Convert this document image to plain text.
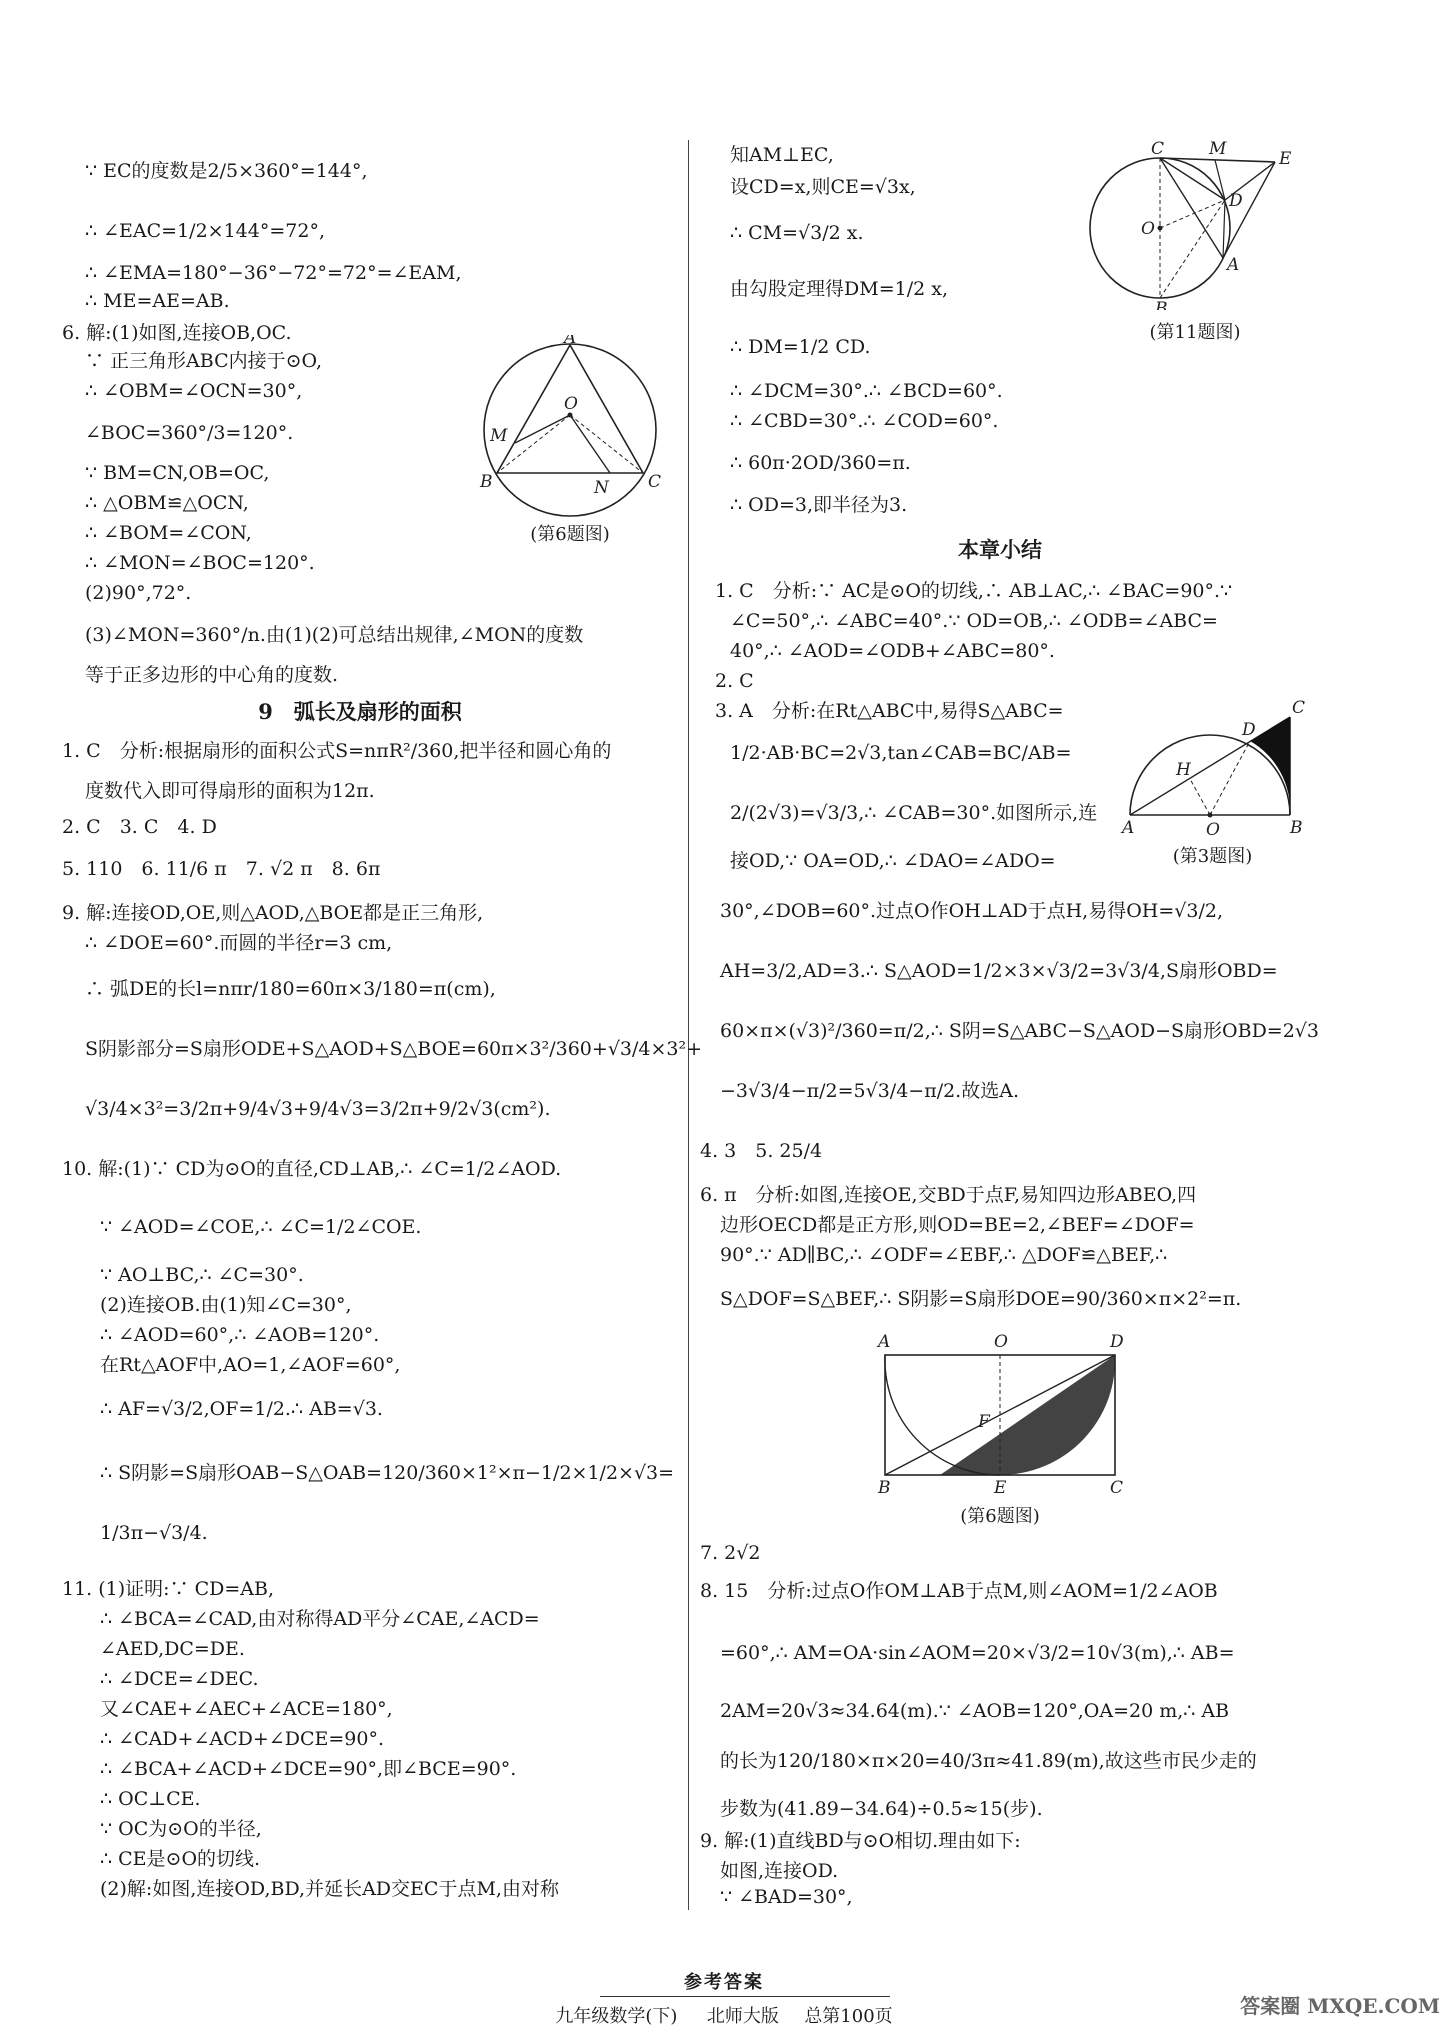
∵ EC的度数是2/5×360°=144°,
∴ ∠EAC=1/2×144°=72°,
∴ ∠EMA=180°−36°−72°=72°=∠EAM,
∴ ME=AE=AB.
6. 解:(1)如图,连接OB,OC.
∵ 正三角形ABC内接于⊙O,
∴ ∠OBM=∠OCN=30°,
∠BOC=360°/3=120°.
∵ BM=CN,OB=OC,
∴ △OBM≌△OCN,
∴ ∠BOM=∠CON,
∴ ∠MON=∠BOC=120°.
(2)90°,72°.
(3)∠MON=360°/n.由(1)(2)可总结出规律,∠MON的度数
等于正多边形的中心角的度数.
9　弧长及扇形的面积
1. C　分析:根据扇形的面积公式S=nπR²/360,把半径和圆心角的
度数代入即可得扇形的面积为12π.
2. C　3. C　4. D
5. 110　6. 11/6 π　7. √2 π　8. 6π
9. 解:连接OD,OE,则△AOD,△BOE都是正三角形,
∴ ∠DOE=60°.而圆的半径r=3 cm,
∴ 弧DE的长l=nπr/180=60π×3/180=π(cm),
S阴影部分=S扇形ODE+S△AOD+S△BOE=60π×3²/360+√3/4×3²+
√3/4×3²=3/2π+9/4√3+9/4√3=3/2π+9/2√3(cm²).
10. 解:(1)∵ CD为⊙O的直径,CD⊥AB,∴ ∠C=1/2∠AOD.
∵ ∠AOD=∠COE,∴ ∠C=1/2∠COE.
∵ AO⊥BC,∴ ∠C=30°.
(2)连接OB.由(1)知∠C=30°,
∴ ∠AOD=60°,∴ ∠AOB=120°.
在Rt△AOF中,AO=1,∠AOF=60°,
∴ AF=√3/2,OF=1/2.∴ AB=√3.
∴ S阴影=S扇形OAB−S△OAB=120/360×1²×π−1/2×1/2×√3=
1/3π−√3/4.
11. (1)证明:∵ CD=AB,
∴ ∠BCA=∠CAD,由对称得AD平分∠CAE,∠ACD=
∠AED,DC=DE.
∴ ∠DCE=∠DEC.
又∠CAE+∠AEC+∠ACE=180°,
∴ ∠CAD+∠ACD+∠DCE=90°.
∴ ∠BCA+∠ACD+∠DCE=90°,即∠BCE=90°.
∴ OC⊥CE.
∵ OC为⊙O的半径,
∴ CE是⊙O的切线.
(2)解:如图,连接OD,BD,并延长AD交EC于点M,由对称
A
B	C
M
N
O
(第6题图)
知AM⊥EC,
设CD=x,则CE=√3x,
∴ CM=√3/2 x.
由勾股定理得DM=1/2 x,
∴ DM=1/2 CD.
∴ ∠DCM=30°.∴ ∠BCD=60°.
∴ ∠CBD=30°.∴ ∠COD=60°.
∴ 60π·2OD/360=π.
∴ OD=3,即半径为3.
本章小结
1. C　分析:∵ AC是⊙O的切线,∴ AB⊥AC,∴ ∠BAC=90°.∵
∠C=50°,∴ ∠ABC=40°.∵ OD=OB,∴ ∠ODB=∠ABC=
40°,∴ ∠AOD=∠ODB+∠ABC=80°.
2. C
3. A　分析:在Rt△ABC中,易得S△ABC=
1/2·AB·BC=2√3,tan∠CAB=BC/AB=
2/(2√3)=√3/3,∴ ∠CAB=30°.如图所示,连
接OD,∵ OA=OD,∴ ∠DAO=∠ADO=
30°,∠DOB=60°.过点O作OH⊥AD于点H,易得OH=√3/2,
AH=3/2,AD=3.∴ S△AOD=1/2×3×√3/2=3√3/4,S扇形OBD=
60×π×(√3)²/360=π/2,∴ S阴=S△ABC−S△AOD−S扇形OBD=2√3
−3√3/4−π/2=5√3/4−π/2.故选A.
4. 3　5. 25/4
6. π　分析:如图,连接OE,交BD于点F,易知四边形ABEO,四
边形OECD都是正方形,则OD=BE=2,∠BEF=∠DOF=
90°.∵ AD∥BC,∴ ∠ODF=∠EBF,∴ △DOF≌△BEF,∴
S△DOF=S△BEF,∴ S阴影=S扇形DOE=90/360×π×2²=π.
7. 2√2
8. 15　分析:过点O作OM⊥AB于点M,则∠AOM=1/2∠AOB
=60°,∴ AM=OA·sin∠AOM=20×√3/2=10√3(m),∴ AB=
2AM=20√3≈34.64(m).∵ ∠AOB=120°,OA=20 m,∴ AB
的长为120/180×π×20=40/3π≈41.89(m),故这些市民少走的
步数为(41.89−34.64)÷0.5≈15(步).
9. 解:(1)直线BD与⊙O相切.理由如下:
如图,连接OD.
∵ ∠BAD=30°,
C	M	E
D
O
A
B
(第11题图)
A	O	B
H
D
C
(第3题图)
A	O	D
F
B	E	C
(第6题图)
参考答案
九年级数学(下) 北师大版 总第100页	答案圈 MXQE.COM
